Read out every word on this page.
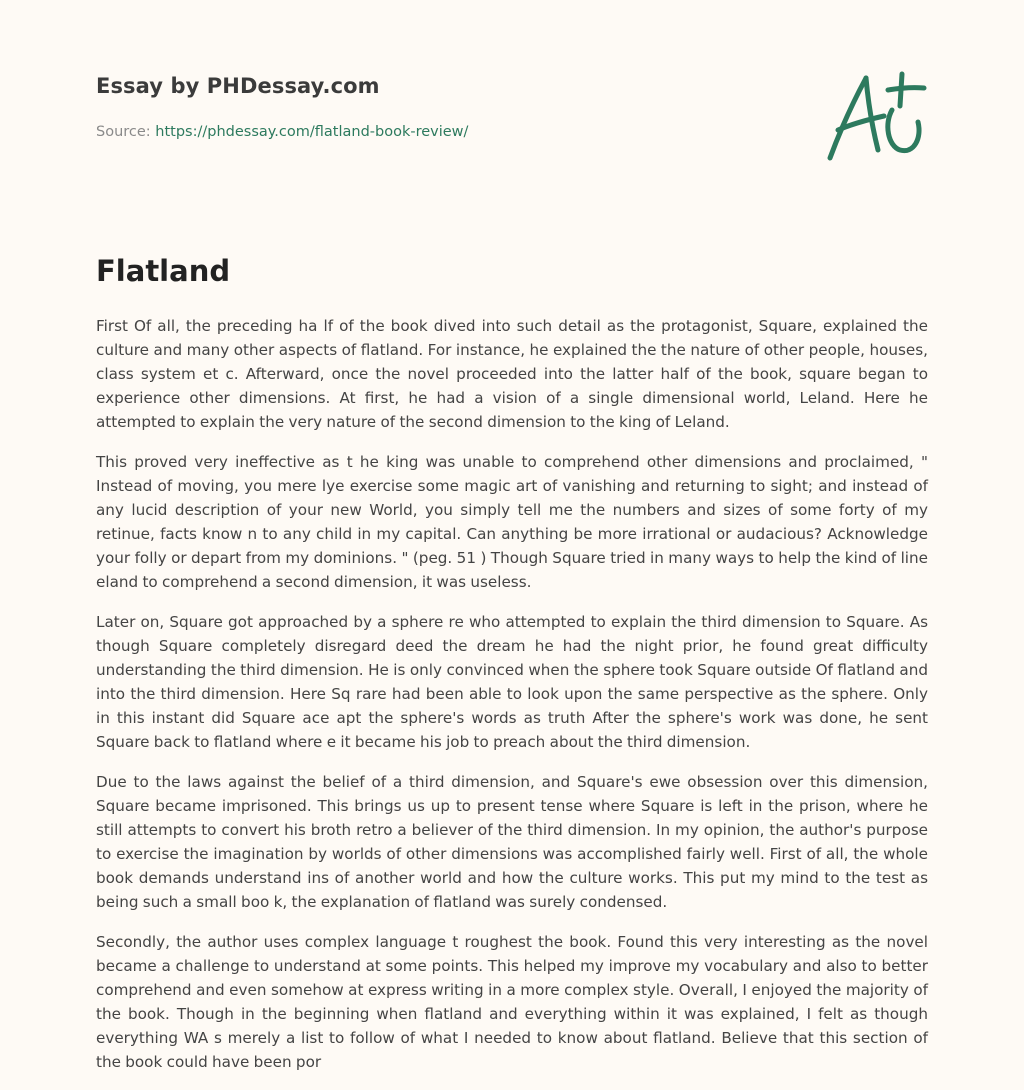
Essay by PHDessay.com
Source: https://phdessay.com/flatland-book-review/
Flatland

First Of all, the preceding ha lf of the book dived into such detail as the protagonist, Square, explained the culture and many other aspects of flatland. For instance, he explained the the nature of other people, houses, class system et c. Afterward, once the novel proceeded into the latter half of the book, square began to experience other dimensions. At first, he had a vision of a single dimensional world, Leland. Here he attempted to explain the very nature of the second dimension to the king of Leland.

This proved very ineffective as t he king was unable to comprehend other dimensions and proclaimed, " Instead of moving, you mere lye exercise some magic art of vanishing and returning to sight; and instead of any lucid description of your new World, you simply tell me the numbers and sizes of some forty of my retinue, facts know n to any child in my capital. Can anything be more irrational or audacious? Acknowledge your folly or depart from my dominions. " (peg. 51 ) Though Square tried in many ways to help the kind of line eland to comprehend a second dimension, it was useless.

Later on, Square got approached by a sphere re who attempted to explain the third dimension to Square. As though Square completely disregard deed the dream he had the night prior, he found great difficulty understanding the third dimension. He is only convinced when the sphere took Square outside Of flatland and into the third dimension. Here Sq rare had been able to look upon the same perspective as the sphere. Only in this instant did Square ace apt the sphere's words as truth After the sphere's work was done, he sent Square back to flatland where e it became his job to preach about the third dimension.

Due to the laws against the belief of a third dimension, and Square's ewe obsession over this dimension, Square became imprisoned. This brings us up to present tense where Square is left in the prison, where he still attempts to convert his broth retro a believer of the third dimension. In my opinion, the author's purpose to exercise the imagination by worlds of other dimensions was accomplished fairly well. First of all, the whole book demands understand ins of another world and how the culture works. This put my mind to the test as being such a small boo k, the explanation of flatland was surely condensed.

Secondly, the author uses complex language t roughest the book. Found this very interesting as the novel became a challenge to understand at some points. This helped my improve my vocabulary and also to better comprehend and even somehow at express writing in a more complex style. Overall, I enjoyed the majority of the book. Though in the beginning when flatland and everything within it was explained, I felt as though everything WA s merely a list to follow of what I needed to know about flatland. Believe that this section of the book could have been por
